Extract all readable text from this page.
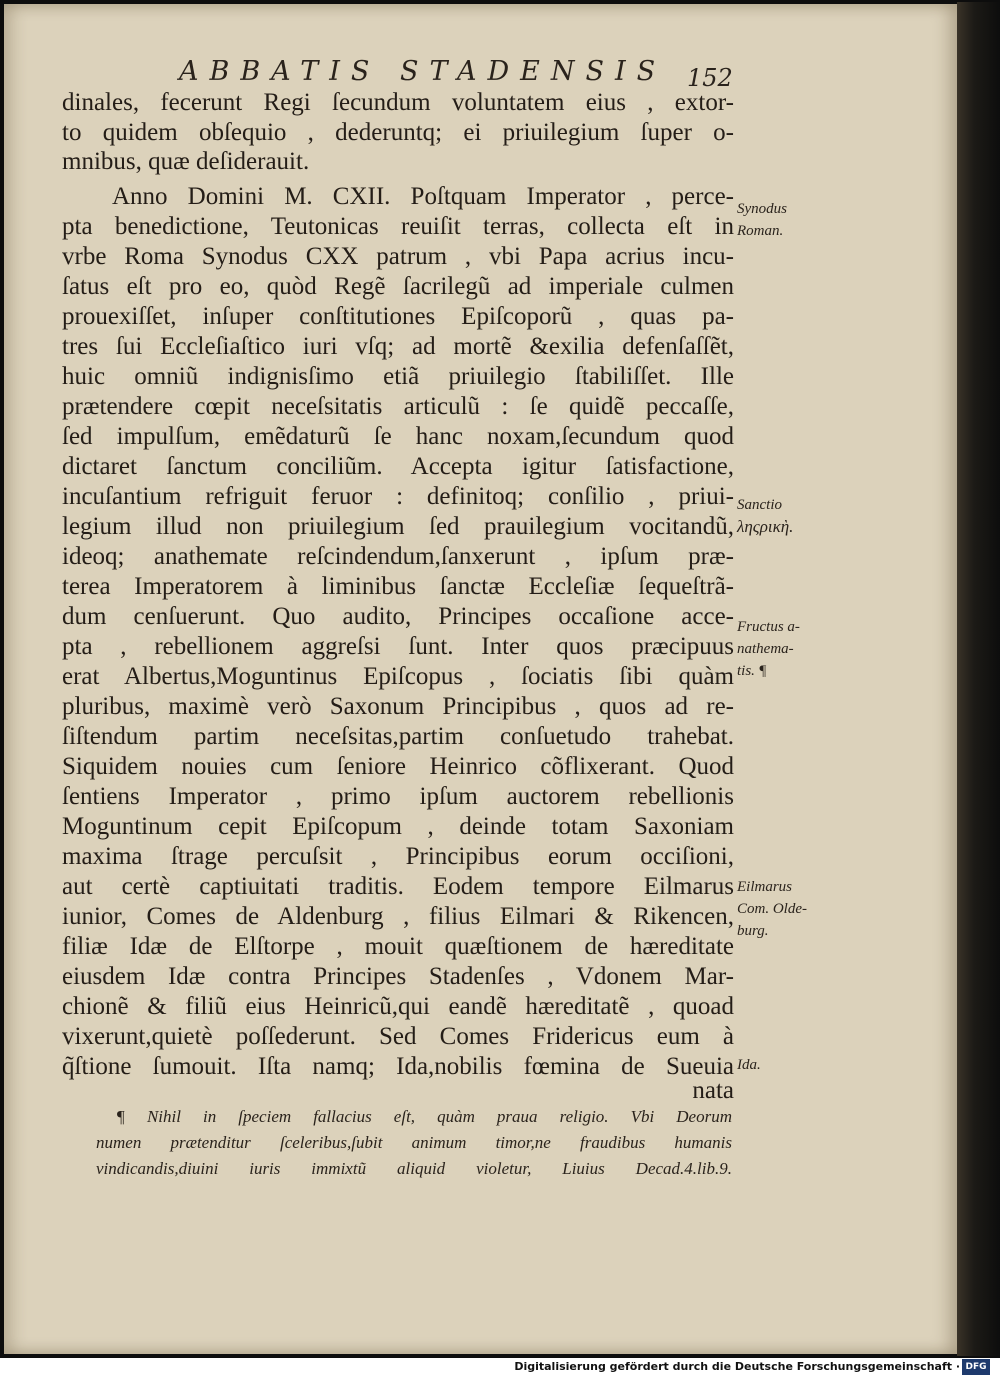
ABBATIS STADENSIS 152
dinales, fecerunt Regi ſecundum voluntatem eius , extor-
to quidem obſequio , dederuntq; ei priuilegium ſuper o-
mnibus, quæ deſiderauit.
Anno Domini M. CXII. Poſtquam Imperator , perce-
pta benedictione, Teutonicas reuiſit terras, collecta eſt in
vrbe Roma Synodus CXX patrum , vbi Papa acrius incu-
ſatus eſt pro eo, quòd Regẽ ſacrilegũ ad imperiale culmen
prouexiſſet, inſuper conſtitutiones Epiſcoporũ , quas pa-
tres ſui Eccleſiaſtico iuri vſq; ad mortẽ &exilia defenſaſſẽt,
huic omniũ indignisſimo etiã priuilegio ſtabiliſſet. Ille
prætendere cœpit neceſsitatis articulũ : ſe quidẽ peccaſſe,
ſed impulſum, emẽdaturũ ſe hanc noxam,ſecundum quod
dictaret ſanctum conciliũm. Accepta igitur ſatisfactione,
incuſantium refriguit feruor : definitoq; conſilio , priui-
legium illud non priuilegium ſed prauilegium vocitandũ,
ideoq; anathemate reſcindendum,ſanxerunt , ipſum præ-
terea Imperatorem à liminibus ſanctæ Eccleſiæ ſequeſtrã-
dum cenſuerunt. Quo audito, Principes occaſione acce-
pta , rebellionem aggreſsi ſunt. Inter quos præcipuus
erat Albertus,Moguntinus Epiſcopus , ſociatis ſibi quàm
pluribus, maximè verò Saxonum Principibus , quos ad re-
ſiſtendum partim neceſsitas,partim conſuetudo trahebat.
Siquidem nouies cum ſeniore Heinrico cõflixerant. Quod
ſentiens Imperator , primo ipſum auctorem rebellionis
Moguntinum cepit Epiſcopum , deinde totam Saxoniam
maxima ſtrage percuſsit , Principibus eorum occiſioni,
aut certè captiuitati traditis. Eodem tempore Eilmarus
iunior, Comes de Aldenburg , filius Eilmari & Rikencen,
filiæ Idæ de Elſtorpe , mouit quæſtionem de hæreditate
eiusdem Idæ contra Principes Stadenſes , Vdonem Mar-
chionẽ & filiũ eius Heinricũ,qui eandẽ hæreditatẽ , quoad
vixerunt,quietè poſſederunt. Sed Comes Fridericus eum à
q̃ſtione ſumouit. Iſta namq; Ida,nobilis fœmina de Sueuia
nata
Synodus
Roman.
Sanctio
ληςρικὴ.
Fructus a-
nathema-
tis. ¶
Eilmarus
Com. Olde-
burg.
Ida.
¶ Nihil in ſpeciem fallacius eſt, quàm praua religio. Vbi Deorum
numen prætenditur ſceleribus,ſubit animum timor,ne fraudibus humanis
vindicandis,diuini iuris immixtũ aliquid violetur, Liuius Decad.4.lib.9.
Digitalisierung gefördert durch die Deutsche Forschungsgemeinschaft · DFG
